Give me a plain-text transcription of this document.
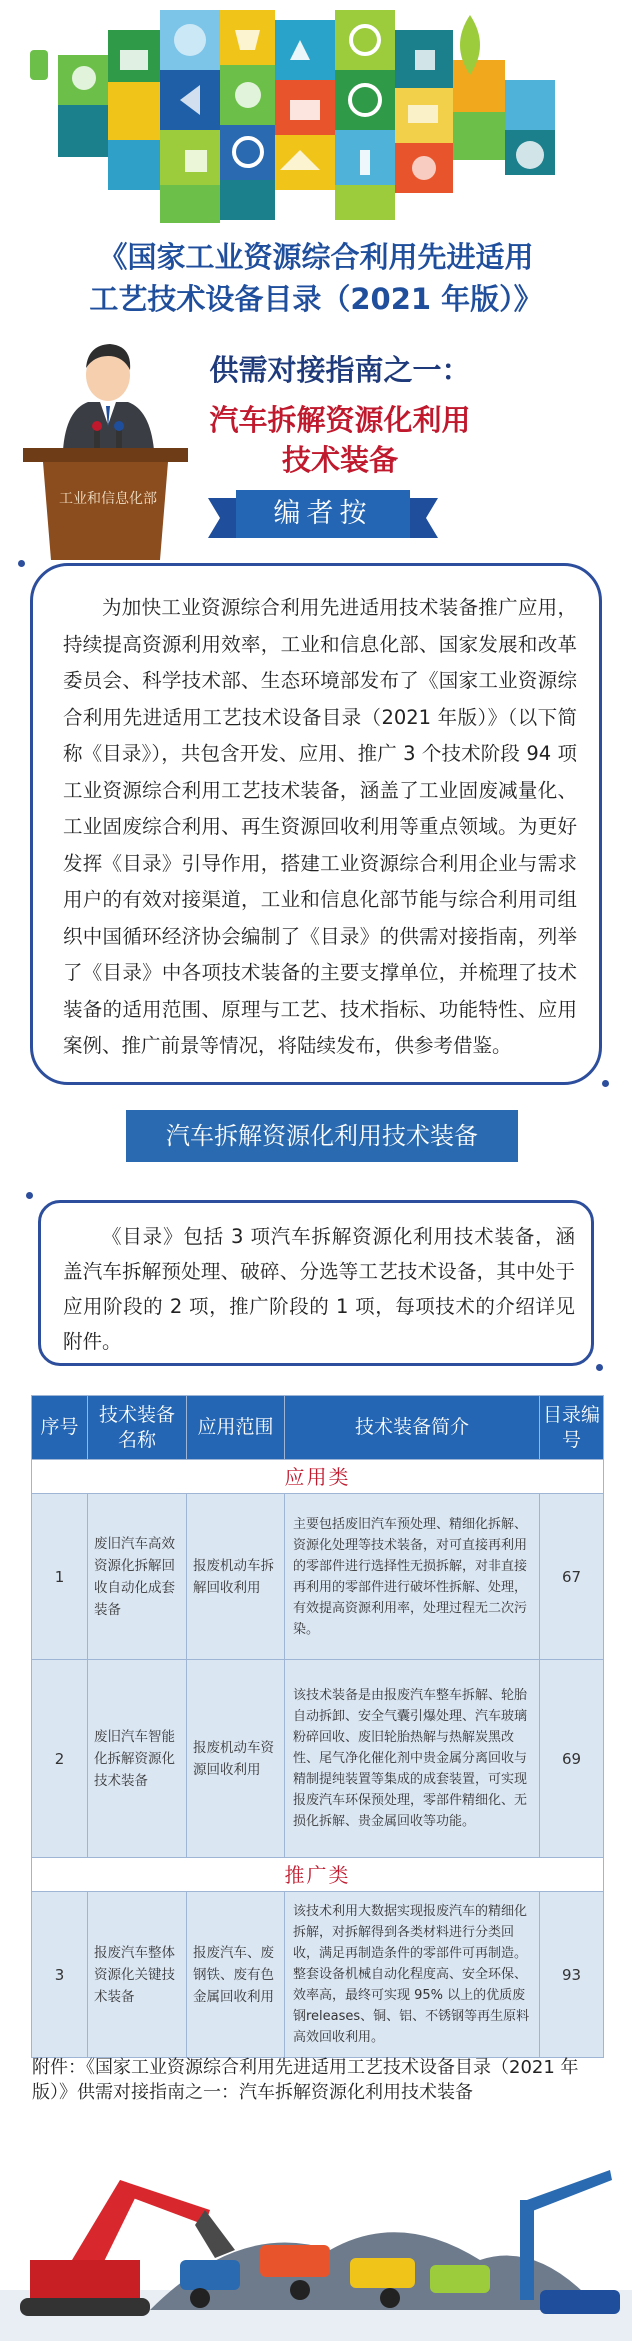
《国家工业资源综合利用先进适用
工艺技术设备目录（2021 年版）》
工业和信息化部
供需对接指南之一：
汽车拆解资源化利用
技术装备
编者按

为加快工业资源综合利用先进适用技术装备推广应用，持续提高资源利用效率，工业和信息化部、国家发展和改革委员会、科学技术部、生态环境部发布了《国家工业资源综合利用先进适用工艺技术设备目录（2021 年版）》（以下简称《目录》），共包含开发、应用、推广 3 个技术阶段 94 项工业资源综合利用工艺技术装备，涵盖了工业固废减量化、工业固废综合利用、再生资源回收利用等重点领域。为更好发挥《目录》引导作用，搭建工业资源综合利用企业与需求用户的有效对接渠道，工业和信息化部节能与综合利用司组织中国循环经济协会编制了《目录》的供需对接指南，列举了《目录》中各项技术装备的主要支撑单位，并梳理了技术装备的适用范围、原理与工艺、技术指标、功能特性、应用案例、推广前景等情况，将陆续发布，供参考借鉴。

汽车拆解资源化利用技术装备

《目录》包括 3 项汽车拆解资源化利用技术装备，涵盖汽车拆解预处理、破碎、分选等工艺技术设备，其中处于应用阶段的 2 项，推广阶段的 1 项，每项技术的介绍详见附件。

序号	技术装备名称	应用范围	技术装备简介	目录编号
应用类				
1	废旧汽车高效资源化拆解回收自动化成套装备	报废机动车拆解回收利用	主要包括废旧汽车预处理、精细化拆解、资源化处理等技术装备，对可直接再利用的零部件进行选择性无损拆解，对非直接再利用的零部件进行破坏性拆解、处理，有效提高资源利用率，处理过程无二次污染。	67
2	废旧汽车智能化拆解资源化技术装备	报废机动车资源回收利用	该技术装备是由报废汽车整车拆解、轮胎自动拆卸、安全气囊引爆处理、汽车玻璃粉碎回收、废旧轮胎热解与热解炭黑改性、尾气净化催化剂中贵金属分离回收与精制提纯装置等集成的成套装置，可实现报废汽车环保预处理，零部件精细化、无损化拆解、贵金属回收等功能。	69
推广类				
3	报废汽车整体资源化关键技术装备	报废汽车、废钢铁、废有色金属回收利用	该技术利用大数据实现报废汽车的精细化拆解，对拆解得到各类材料进行分类回收，满足再制造条件的零部件可再制造。整套设备机械自动化程度高、安全环保、效率高，最终可实现 95% 以上的优质废钢releases、铜、铝、不锈钢等再生原料高效回收利用。	93
附件：《国家工业资源综合利用先进适用工艺技术设备目录（2021 年版）》供需对接指南之一：汽车拆解资源化利用技术装备
